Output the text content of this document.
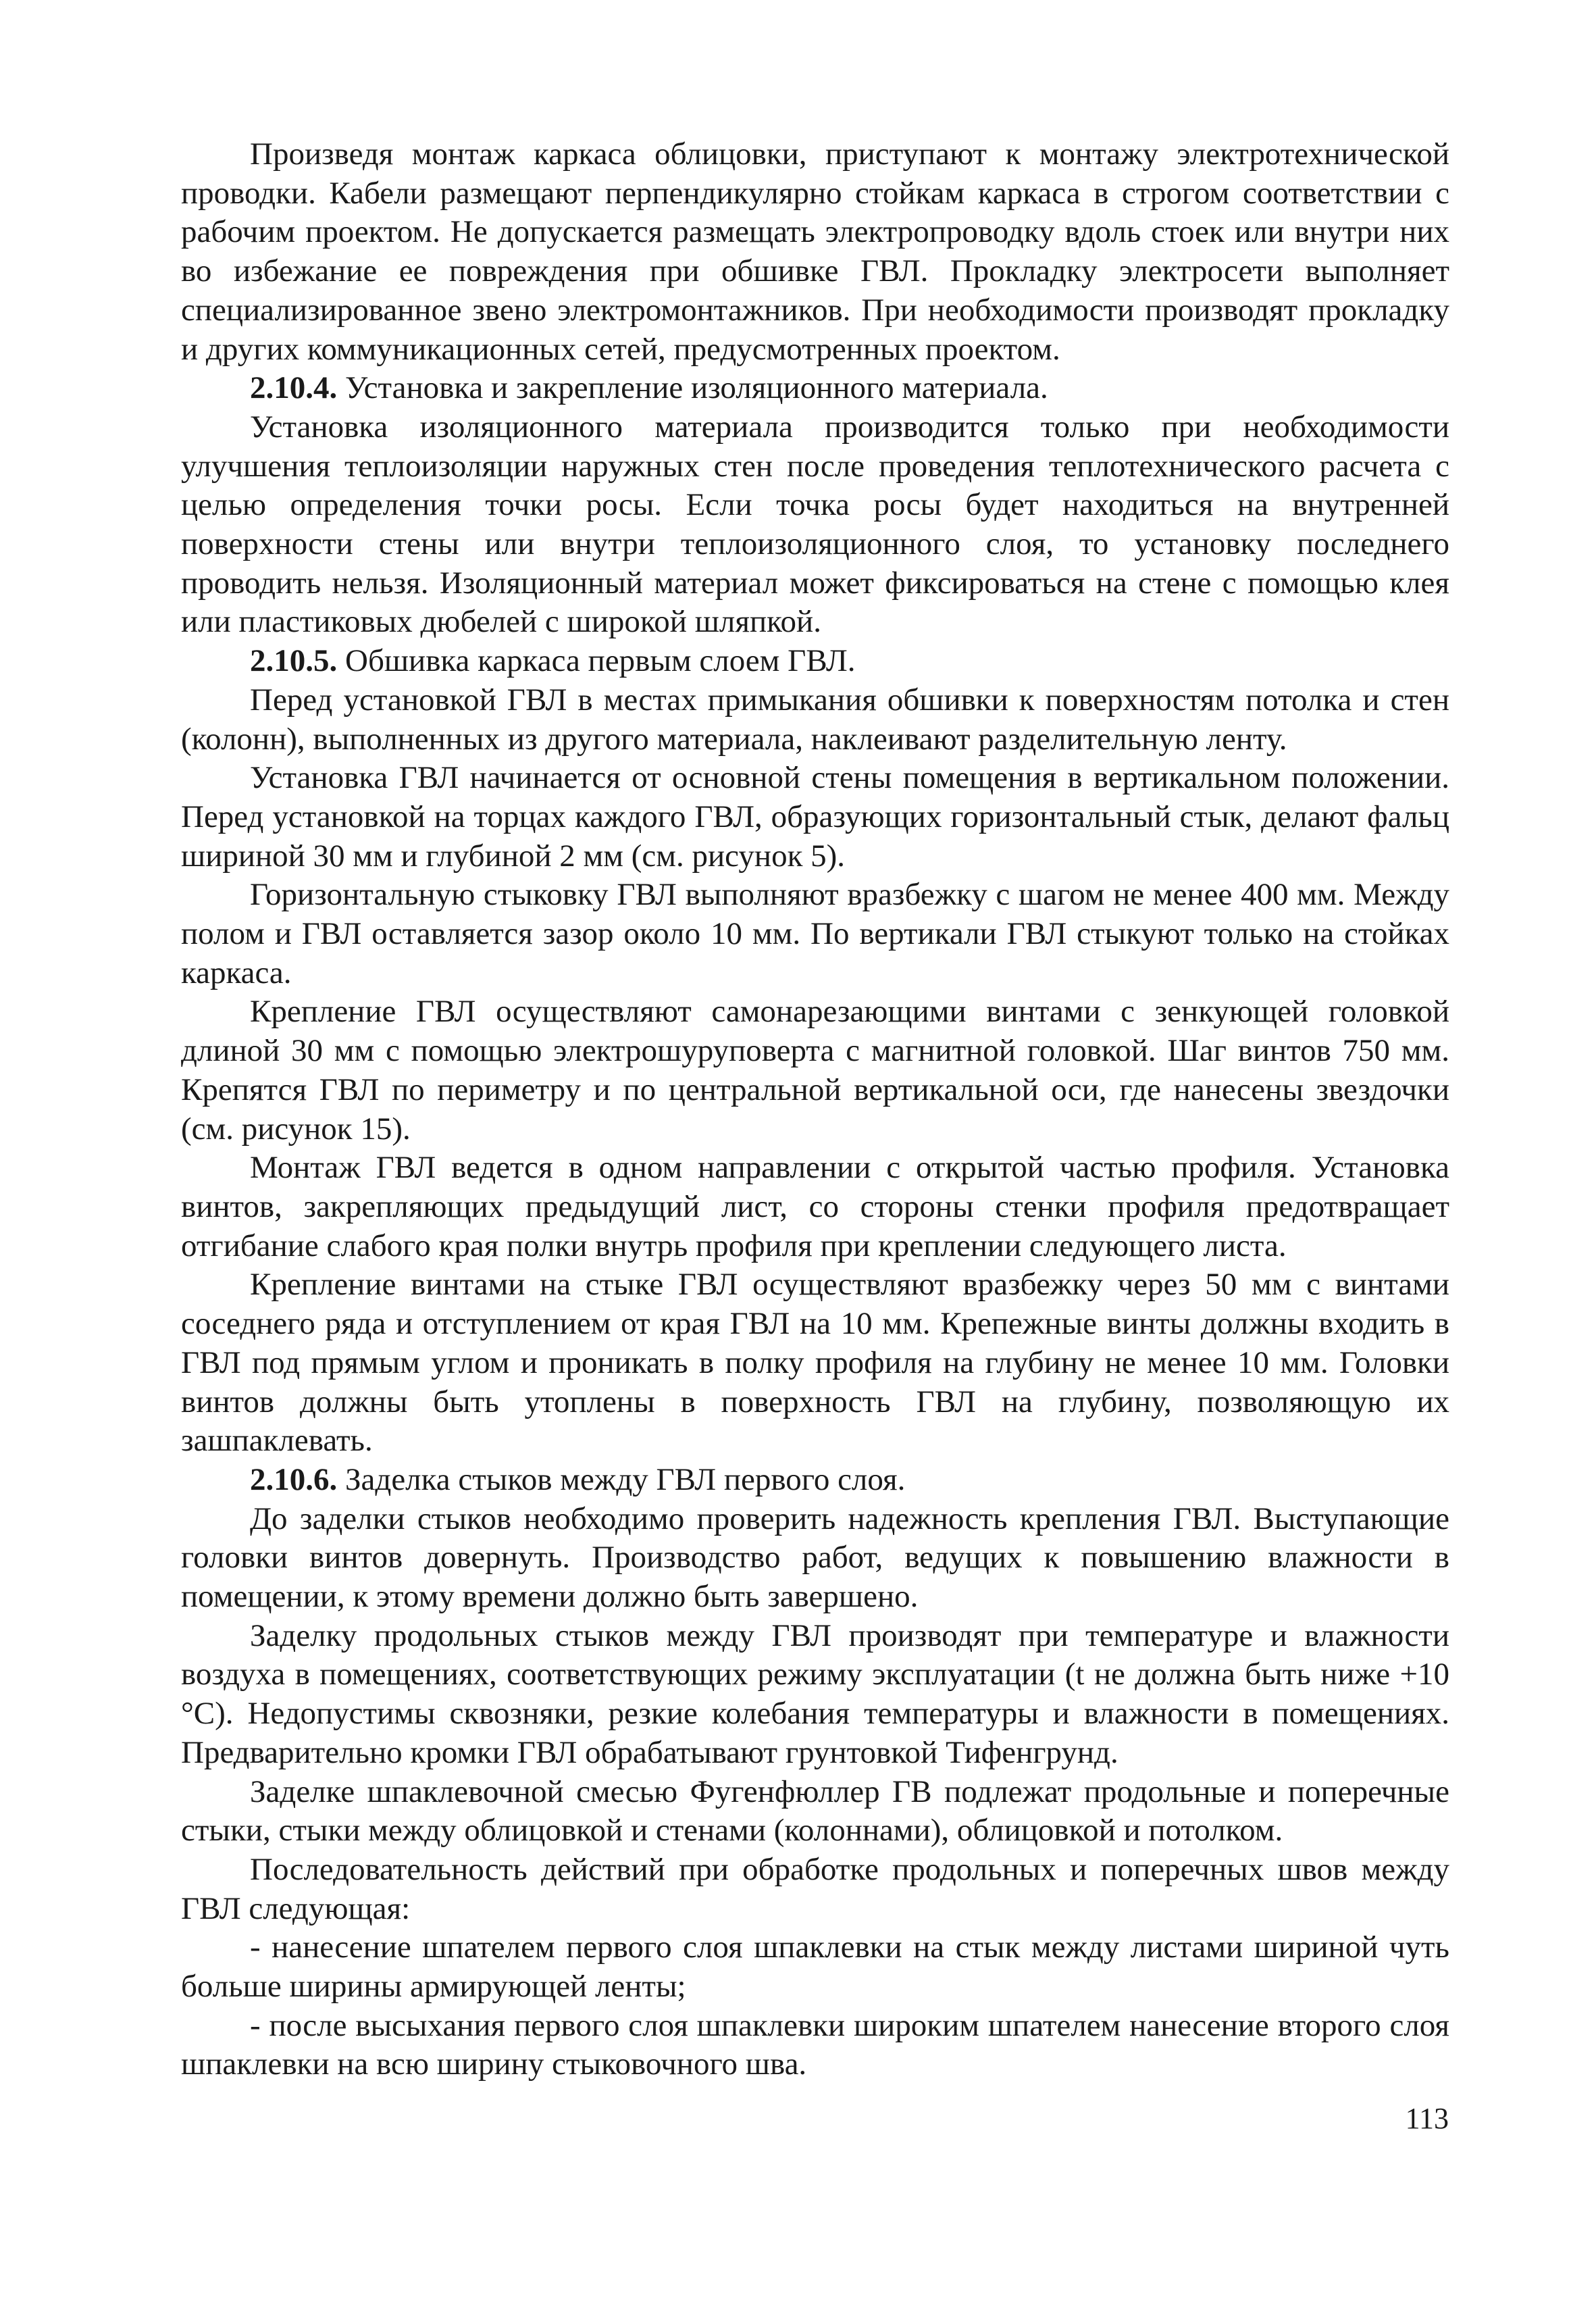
Произведя монтаж каркаса облицовки, приступают к монтажу электротехнической проводки. Кабели размещают перпендикулярно стойкам каркаса в строгом соответствии с рабочим проектом. Не допускается размещать электропроводку вдоль стоек или внутри них во избежание ее повреждения при обшивке ГВЛ. Прокладку электросети выполняет специализированное звено электромонтажников. При необходимости производят прокладку и других коммуникационных сетей, предусмотренных проектом.

2.10.4. Установка и закрепление изоляционного материала.

Установка изоляционного материала производится только при необходимости улучшения теплоизоляции наружных стен после проведения теплотехнического расчета с целью определения точки росы. Если точка росы будет находиться на внутренней поверхности стены или внутри теплоизоляционного слоя, то установку последнего проводить нельзя. Изоляционный материал может фиксироваться на стене с помощью клея или пластиковых дюбелей с широкой шляпкой.

2.10.5. Обшивка каркаса первым слоем ГВЛ.

Перед установкой ГВЛ в местах примыкания обшивки к поверхностям потолка и стен (колонн), выполненных из другого материала, наклеивают разделительную ленту.

Установка ГВЛ начинается от основной стены помещения в вертикальном положении. Перед установкой на торцах каждого ГВЛ, образующих горизонтальный стык, делают фальц шириной 30 мм и глубиной 2 мм (см. рисунок 5).

Горизонтальную стыковку ГВЛ выполняют вразбежку с шагом не менее 400 мм. Между полом и ГВЛ оставляется зазор около 10 мм. По вертикали ГВЛ стыкуют только на стойках каркаса.

Крепление ГВЛ осуществляют самонарезающими винтами с зенкующей головкой длиной 30 мм с помощью электрошуруповерта с магнитной головкой. Шаг винтов 750 мм. Крепятся ГВЛ по периметру и по центральной вертикальной оси, где нанесены звездочки (см. рисунок 15).

Монтаж ГВЛ ведется в одном направлении с открытой частью профиля. Установка винтов, закрепляющих предыдущий лист, со стороны стенки профиля предотвращает отгибание слабого края полки внутрь профиля при креплении следующего листа.

Крепление винтами на стыке ГВЛ осуществляют вразбежку через 50 мм с винтами соседнего ряда и отступлением от края ГВЛ на 10 мм. Крепежные винты должны входить в ГВЛ под прямым углом и проникать в полку профиля на глубину не менее 10 мм. Головки винтов должны быть утоплены в поверхность ГВЛ на глубину, позволяющую их зашпаклевать.

2.10.6. Заделка стыков между ГВЛ первого слоя.

До заделки стыков необходимо проверить надежность крепления ГВЛ. Выступающие головки винтов довернуть. Производство работ, ведущих к повышению влажности в помещении, к этому времени должно быть завершено.

Заделку продольных стыков между ГВЛ производят при температуре и влажности воздуха в помещениях, соответствующих режиму эксплуатации (t не должна быть ниже +10 °С). Недопустимы сквозняки, резкие колебания температуры и влажности в помещениях. Предварительно кромки ГВЛ обрабатывают грунтовкой Тифенгрунд.

Заделке шпаклевочной смесью Фугенфюллер ГВ подлежат продольные и поперечные стыки, стыки между облицовкой и стенами (колоннами), облицовкой и потолком.

Последовательность действий при обработке продольных и поперечных швов между ГВЛ следующая:

- нанесение шпателем первого слоя шпаклевки на стык между листами шириной чуть больше ширины армирующей ленты;

- после высыхания первого слоя шпаклевки широким шпателем нанесение второго слоя шпаклевки на всю ширину стыковочного шва.

113
